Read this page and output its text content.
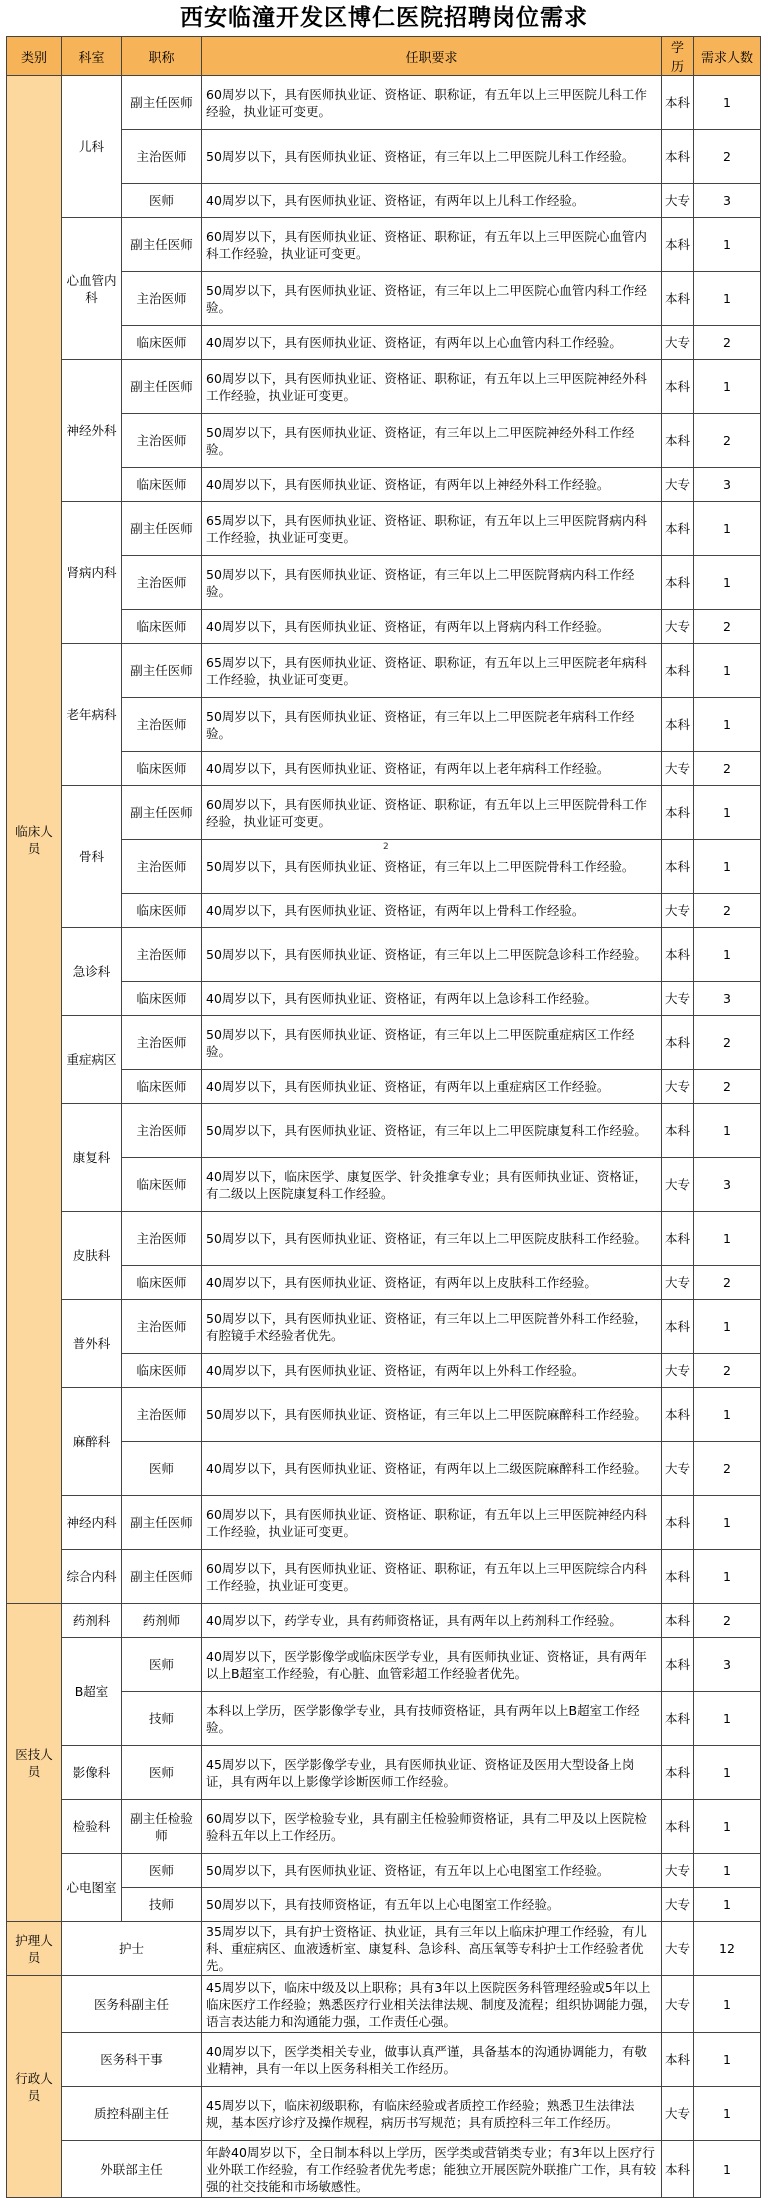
西安临潼开发区博仁医院招聘岗位需求
类别	科室	职称	任职要求	学历	需求人数
临床人员	儿科	副主任医师	60周岁以下，具有医师执业证、资格证、职称证，有五年以上三甲医院儿科工作经验，执业证可变更。	本科	1
		主治医师	50周岁以下，具有医师执业证、资格证，有三年以上二甲医院儿科工作经验。	本科	2
		医师	40周岁以下，具有医师执业证、资格证，有两年以上儿科工作经验。	大专	3
	心血管内科	副主任医师	60周岁以下，具有医师执业证、资格证、职称证，有五年以上三甲医院心血管内科工作经验，执业证可变更。	本科	1
		主治医师	50周岁以下，具有医师执业证、资格证，有三年以上二甲医院心血管内科工作经验。	本科	1
		临床医师	40周岁以下，具有医师执业证、资格证，有两年以上心血管内科工作经验。	大专	2
	神经外科	副主任医师	60周岁以下，具有医师执业证、资格证、职称证，有五年以上三甲医院神经外科工作经验，执业证可变更。	本科	1
		主治医师	50周岁以下，具有医师执业证、资格证，有三年以上二甲医院神经外科工作经验。	本科	2
		临床医师	40周岁以下，具有医师执业证、资格证，有两年以上神经外科工作经验。	大专	3
	肾病内科	副主任医师	65周岁以下，具有医师执业证、资格证、职称证，有五年以上三甲医院肾病内科工作经验，执业证可变更。	本科	1
		主治医师	50周岁以下，具有医师执业证、资格证，有三年以上二甲医院肾病内科工作经验。	本科	1
		临床医师	40周岁以下，具有医师执业证、资格证，有两年以上肾病内科工作经验。	大专	2
	老年病科	副主任医师	65周岁以下，具有医师执业证、资格证、职称证，有五年以上三甲医院老年病科工作经验，执业证可变更。	本科	1
		主治医师	50周岁以下，具有医师执业证、资格证，有三年以上二甲医院老年病科工作经验。	本科	1
		临床医师	40周岁以下，具有医师执业证、资格证，有两年以上老年病科工作经验。	大专	2
	骨科	副主任医师	60周岁以下，具有医师执业证、资格证、职称证，有五年以上三甲医院骨科工作经验，执业证可变更。	本科	1
		主治医师	50周岁以下，具有医师执业证、资格证，有三年以上二甲医院骨科工作经验。	本科	1
		临床医师	40周岁以下，具有医师执业证、资格证，有两年以上骨科工作经验。	大专	2
	急诊科	主治医师	50周岁以下，具有医师执业证、资格证，有三年以上二甲医院急诊科工作经验。	本科	1
		临床医师	40周岁以下，具有医师执业证、资格证，有两年以上急诊科工作经验。	大专	3
	重症病区	主治医师	50周岁以下，具有医师执业证、资格证，有三年以上二甲医院重症病区工作经验。	本科	2
		临床医师	40周岁以下，具有医师执业证、资格证，有两年以上重症病区工作经验。	大专	2
	康复科	主治医师	50周岁以下，具有医师执业证、资格证，有三年以上二甲医院康复科工作经验。	本科	1
		临床医师	40周岁以下，临床医学、康复医学、针灸推拿专业；具有医师执业证、资格证，有二级以上医院康复科工作经验。	大专	3
	皮肤科	主治医师	50周岁以下，具有医师执业证、资格证，有三年以上二甲医院皮肤科工作经验。	本科	1
		临床医师	40周岁以下，具有医师执业证、资格证，有两年以上皮肤科工作经验。	大专	2
	普外科	主治医师	50周岁以下，具有医师执业证、资格证，有三年以上二甲医院普外科工作经验，有腔镜手术经验者优先。	本科	1
		临床医师	40周岁以下，具有医师执业证、资格证，有两年以上外科工作经验。	大专	2
	麻醉科	主治医师	50周岁以下，具有医师执业证、资格证，有三年以上二甲医院麻醉科工作经验。	本科	1
		医师	40周岁以下，具有医师执业证、资格证，有两年以上二级医院麻醉科工作经验。	大专	2
	神经内科	副主任医师	60周岁以下，具有医师执业证、资格证、职称证，有五年以上三甲医院神经内科工作经验，执业证可变更。	本科	1
	综合内科	副主任医师	60周岁以下，具有医师执业证、资格证、职称证，有五年以上三甲医院综合内科工作经验，执业证可变更。	本科	1
医技人员	药剂科	药剂师	40周岁以下，药学专业，具有药师资格证，具有两年以上药剂科工作经验。	本科	2
	B超室	医师	40周岁以下，医学影像学或临床医学专业，具有医师执业证、资格证，具有两年以上B超室工作经验，有心脏、血管彩超工作经验者优先。	本科	3
		技师	本科以上学历，医学影像学专业，具有技师资格证，具有两年以上B超室工作经验。	本科	1
	影像科	医师	45周岁以下，医学影像学专业，具有医师执业证、资格证及医用大型设备上岗证，具有两年以上影像学诊断医师工作经验。	本科	1
	检验科	副主任检验师	60周岁以下，医学检验专业，具有副主任检验师资格证，具有二甲及以上医院检验科五年以上工作经历。	本科	1
	心电图室	医师	50周岁以下，具有医师执业证、资格证，有五年以上心电图室工作经验。	大专	1
		技师	50周岁以下，具有技师资格证，有五年以上心电图室工作经验。	大专	1
护理人员	护士		35周岁以下，具有护士资格证、执业证，具有三年以上临床护理工作经验，有儿科、重症病区、血液透析室、康复科、急诊科、高压氧等专科护士工作经验者优先。	大专	12
行政人员	医务科副主任		45周岁以下，临床中级及以上职称；具有3年以上医院医务科管理经验或5年以上临床医疗工作经验；熟悉医疗行业相关法律法规、制度及流程；组织协调能力强，语言表达能力和沟通能力强，工作责任心强。	大专	1
	医务科干事		40周岁以下，医学类相关专业，做事认真严谨，具备基本的沟通协调能力，有敬业精神，具有一年以上医务科相关工作经历。	本科	1
	质控科副主任		45周岁以下，临床初级职称，有临床经验或者质控工作经验；熟悉卫生法律法规，基本医疗诊疗及操作规程，病历书写规范；具有质控科三年工作经历。	大专	1
	外联部主任		年龄40周岁以下，全日制本科以上学历，医学类或营销类专业；有3年以上医疗行业外联工作经验，有工作经验者优先考虑；能独立开展医院外联推广工作，具有较强的社交技能和市场敏感性。	本科	1
2
